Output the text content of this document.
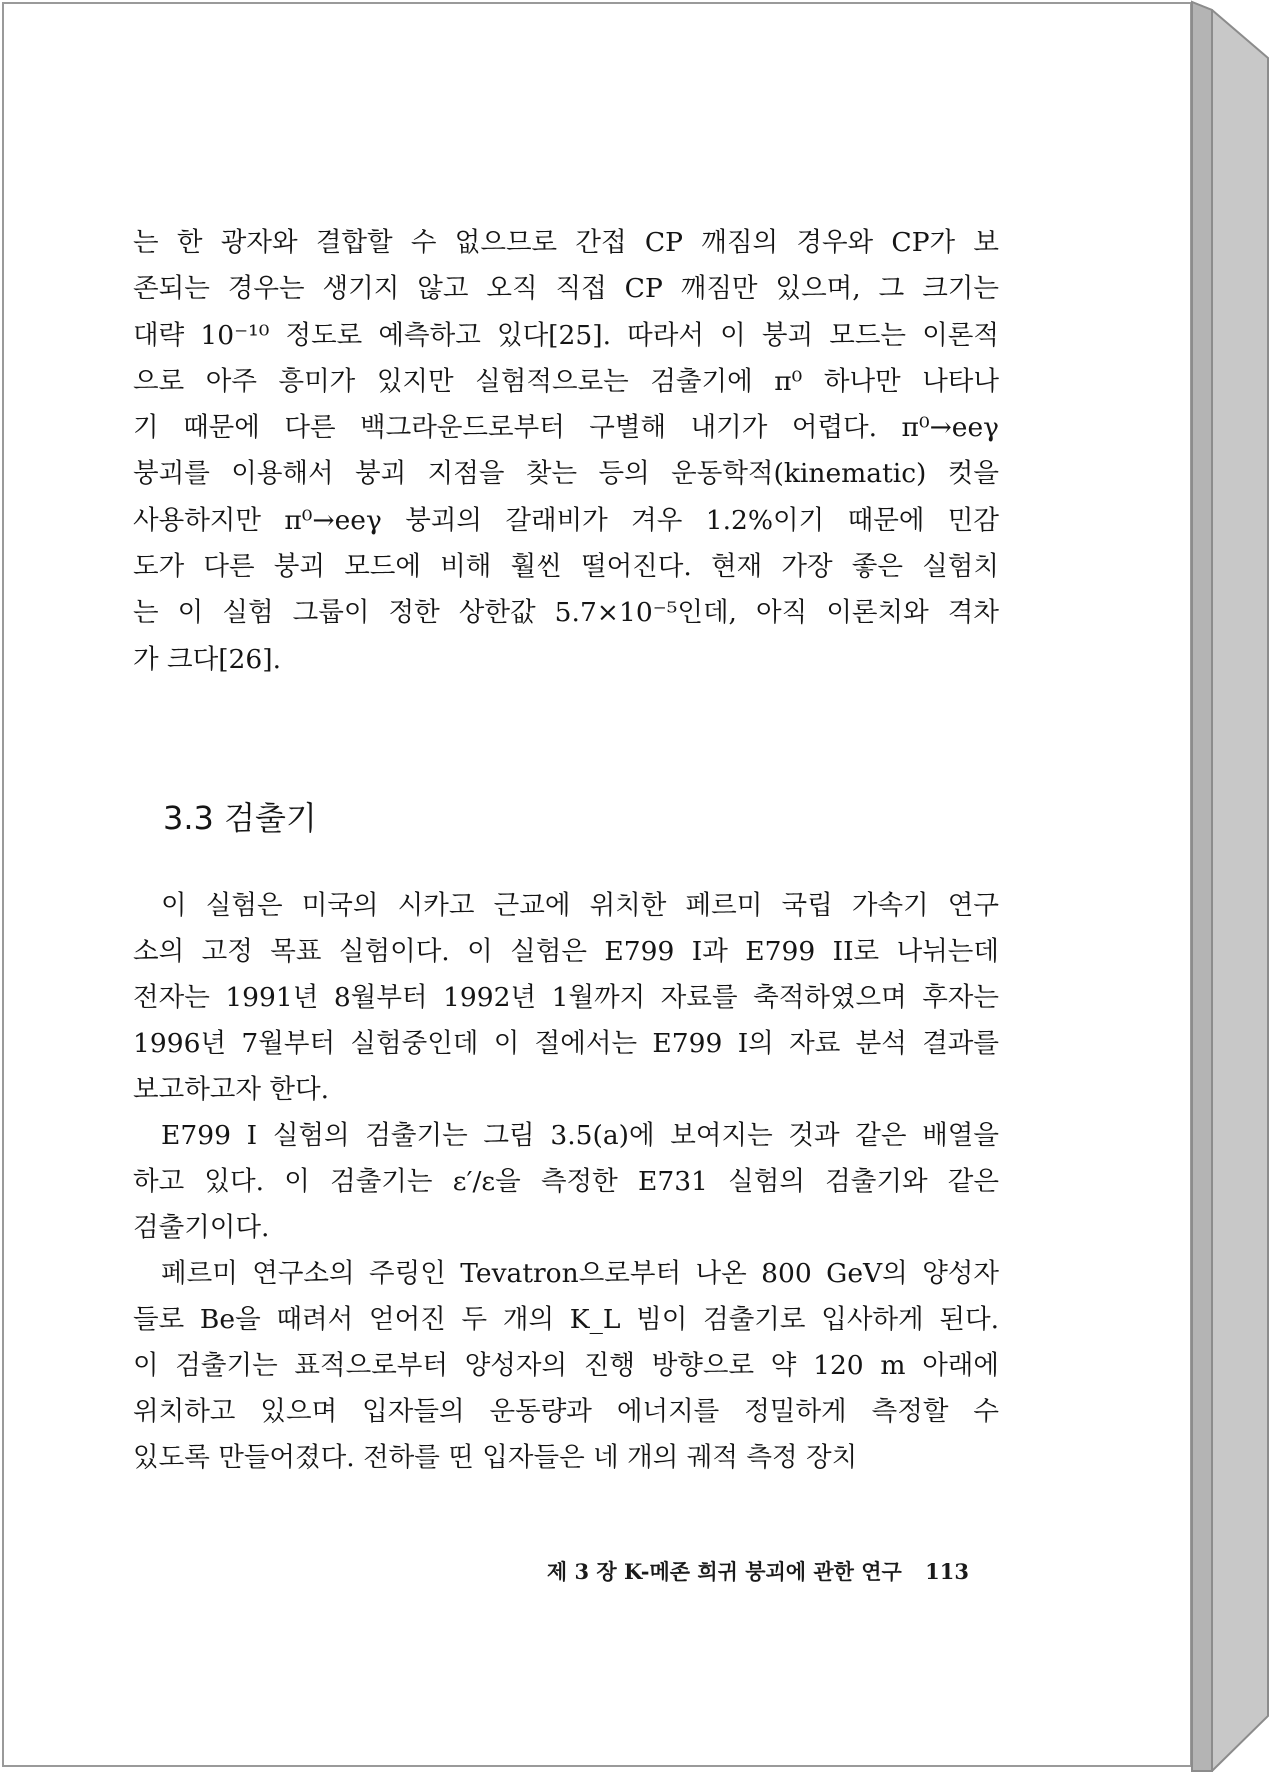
는 한 광자와 결합할 수 없으므로 간접 CP 깨짐의 경우와 CP가 보
존되는 경우는 생기지 않고 오직 직접 CP 깨짐만 있으며, 그 크기는
대략 10⁻¹⁰ 정도로 예측하고 있다[25]. 따라서 이 붕괴 모드는 이론적
으로 아주 흥미가 있지만 실험적으로는 검출기에 π⁰ 하나만 나타나
기 때문에 다른 백그라운드로부터 구별해 내기가 어렵다. π⁰→eeγ
붕괴를 이용해서 붕괴 지점을 찾는 등의 운동학적(kinematic) 컷을
사용하지만 π⁰→eeγ 붕괴의 갈래비가 겨우 1.2%이기 때문에 민감
도가 다른 붕괴 모드에 비해 훨씬 떨어진다. 현재 가장 좋은 실험치
는 이 실험 그룹이 정한 상한값 5.7×10⁻⁵인데, 아직 이론치와 격차
가 크다[26].
3.3 검출기
이 실험은 미국의 시카고 근교에 위치한 페르미 국립 가속기 연구
소의 고정 목표 실험이다. 이 실험은 E799 I과 E799 II로 나뉘는데
전자는 1991년 8월부터 1992년 1월까지 자료를 축적하였으며 후자는
1996년 7월부터 실험중인데 이 절에서는 E799 I의 자료 분석 결과를
보고하고자 한다.
E799 I 실험의 검출기는 그림 3.5(a)에 보여지는 것과 같은 배열을
하고 있다. 이 검출기는 ε′/ε을 측정한 E731 실험의 검출기와 같은
검출기이다.
페르미 연구소의 주링인 Tevatron으로부터 나온 800 GeV의 양성자
들로 Be을 때려서 얻어진 두 개의 K_L 빔이 검출기로 입사하게 된다.
이 검출기는 표적으로부터 양성자의 진행 방향으로 약 120 m 아래에
위치하고 있으며 입자들의 운동량과 에너지를 정밀하게 측정할 수
있도록 만들어졌다. 전하를 띤 입자들은 네 개의 궤적 측정 장치
제 3 장 K-메존 희귀 붕괴에 관한 연구 113
